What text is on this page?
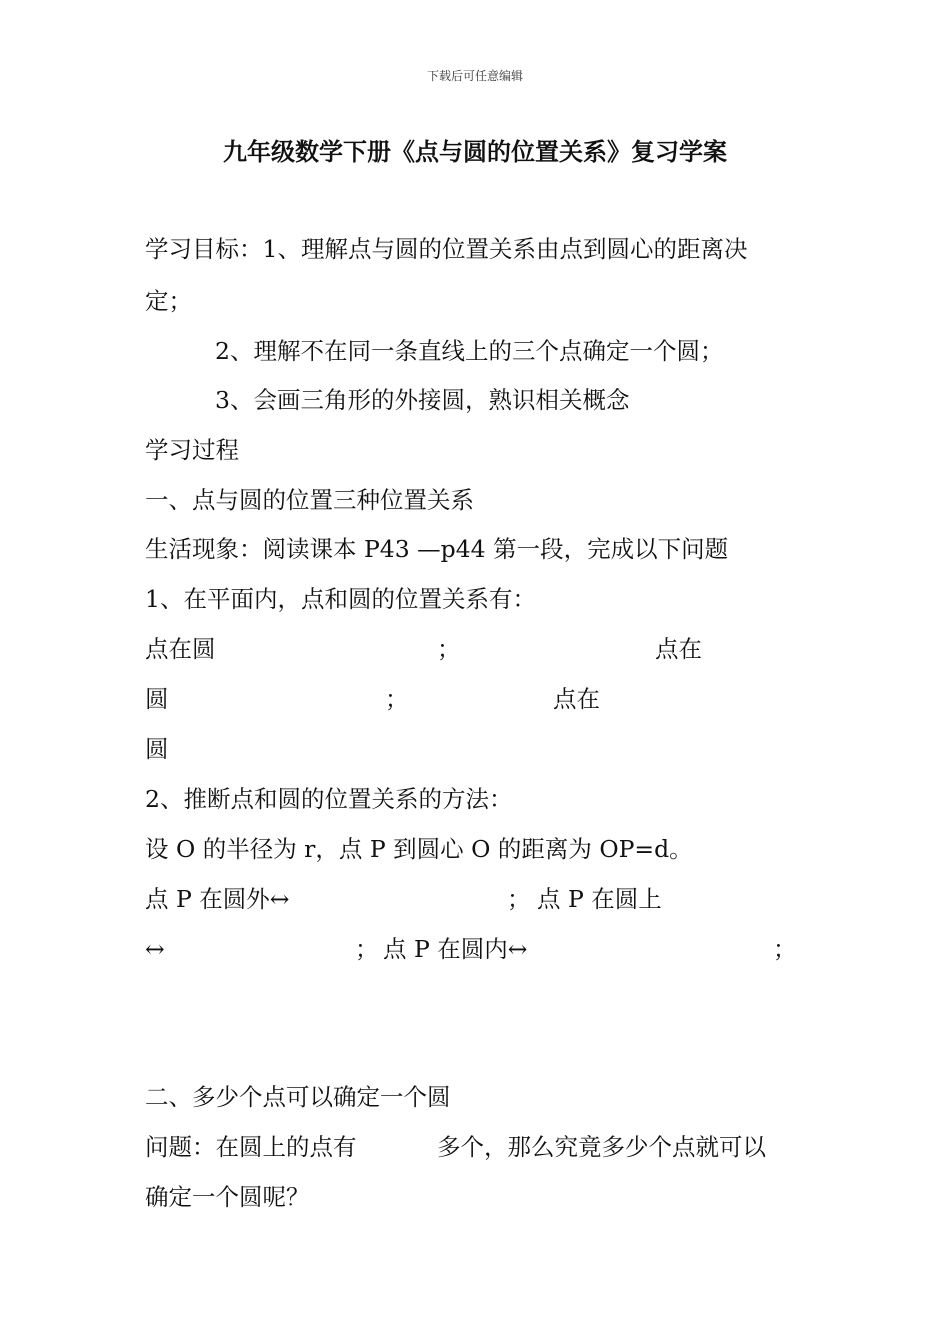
下载后可任意编辑
九年级数学下册《点与圆的位置关系》复习学案
学习目标：1、理解点与圆的位置关系由点到圆心的距离决
定；
2、理解不在同一条直线上的三个点确定一个圆；
3、会画三角形的外接圆，熟识相关概念
学习过程
一、点与圆的位置三种位置关系
生活现象：阅读课本 P43 —p44 第一段，完成以下问题
1、在平面内，点和圆的位置关系有：
点在圆	；	点在
圆	；	点在
圆
2、推断点和圆的位置关系的方法：
设 O 的半径为 r，点 P 到圆心 O 的距离为 OP=d。
点 P 在圆外↔	； 点 P 在圆上
↔	； 点 P 在圆内↔	；
二、多少个点可以确定一个圆
问题：在圆上的点有	多个，那么究竟多少个点就可以
确定一个圆呢？
